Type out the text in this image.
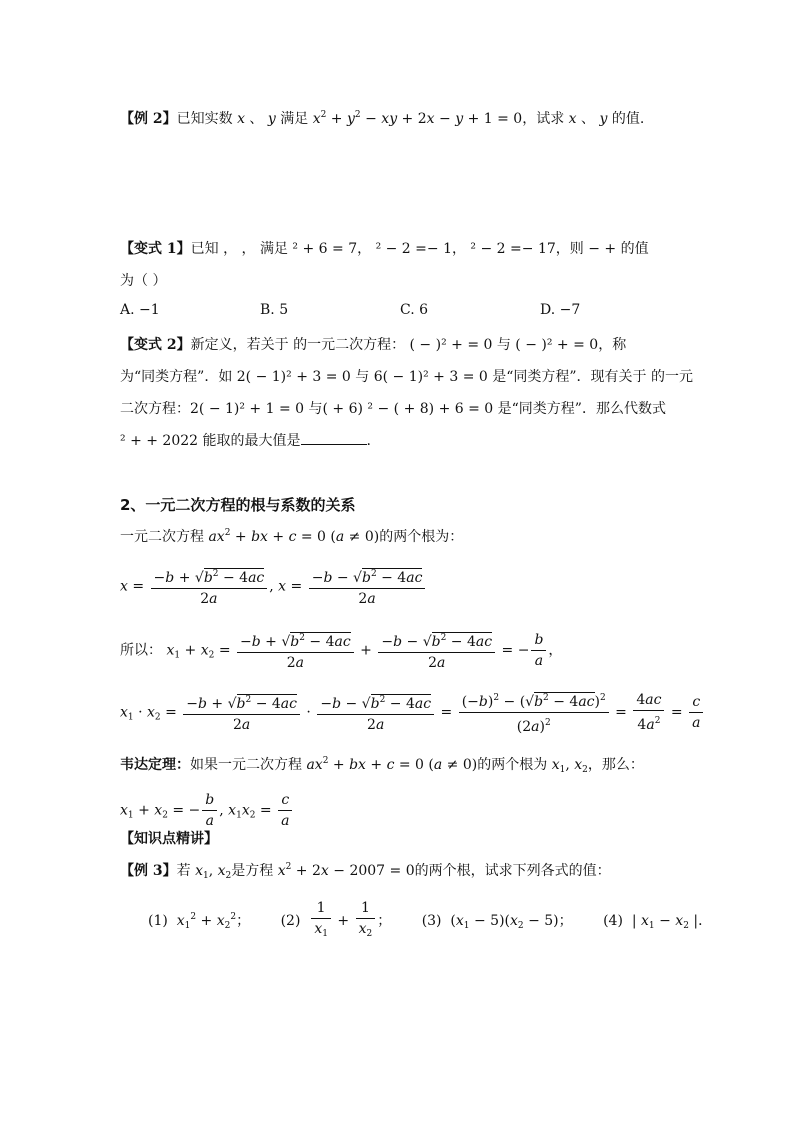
【例 2】已知实数 x 、 y 满足 $x^2 + y^2$ − xy + 2x − y + 1 = 0，试求 x 、 y 的值.
【变式 1】已知 ， ， 满足 ² + 6 = 7， ² − 2 =− 1， ² − 2 =− 17，则 − + 的值
为（ ）
A. −1	B. 5	C. 6	D. −7
【变式 2】新定义，若关于 的一元二次方程： ( − )² + = 0 与 ( − )² + = 0，称
为“同类方程”．如 2( − 1)² + 3 = 0 与 6( − 1)² + 3 = 0 是“同类方程”．现有关于 的一元
二次方程：2( − 1)² + 1 = 0 与( + 6) ² − ( + 8) + 6 = 0 是“同类方程”．那么代数式
² + + 2022 能取的最大值是	.
2、一元二次方程的根与系数的关系
一元二次方程 $ax^2$ + bx + c = 0 (a ≠ 0)的两个根为：
$x = \frac{-b + √b^2 - 4ac}{2a}$ , $x = \frac{-b - √b^2 - 4ac}{2a}$
所以： $x_1 + x_2 = \frac{-b + √b^2 - 4ac}{2a} + \frac{-b - √b^2 - 4ac}{2a}$ = − $\frac{b}{a}$ ，
$x_1 \cdot x_2 = \frac{-b + √b^2 - 4ac}{2a} \cdot \frac{-b - √b^2 - 4ac}{2a} = \frac{(-b)^2 - (√b^2 - 4ac)^2}{(2a)^2} = \frac{4ac}{4a^2} = \frac{c}{a}$
韦达定理：如果一元二次方程 $ax^2$ + bx + c = 0 (a ≠ 0)的两个根为 $x_1$, $x_2$，那么：
$x_1 + x_2$ = − $\frac{b}{a}$ , $x_1x_2 = \frac{c}{a}$
【知识点精讲】
【例 3】若 $x_1$, $x_2$是方程 $x^2 + 2x - 2007 = 0$的两个根，试求下列各式的值：
(1)  $x_1^2 + x_2^2$； $(2) \frac{1}{x_1} + \frac{1}{x_2}$ ； (3)  $(x_1 - 5)(x_2 - 5)$； (4)  | $x_1 - x_2$ |．
